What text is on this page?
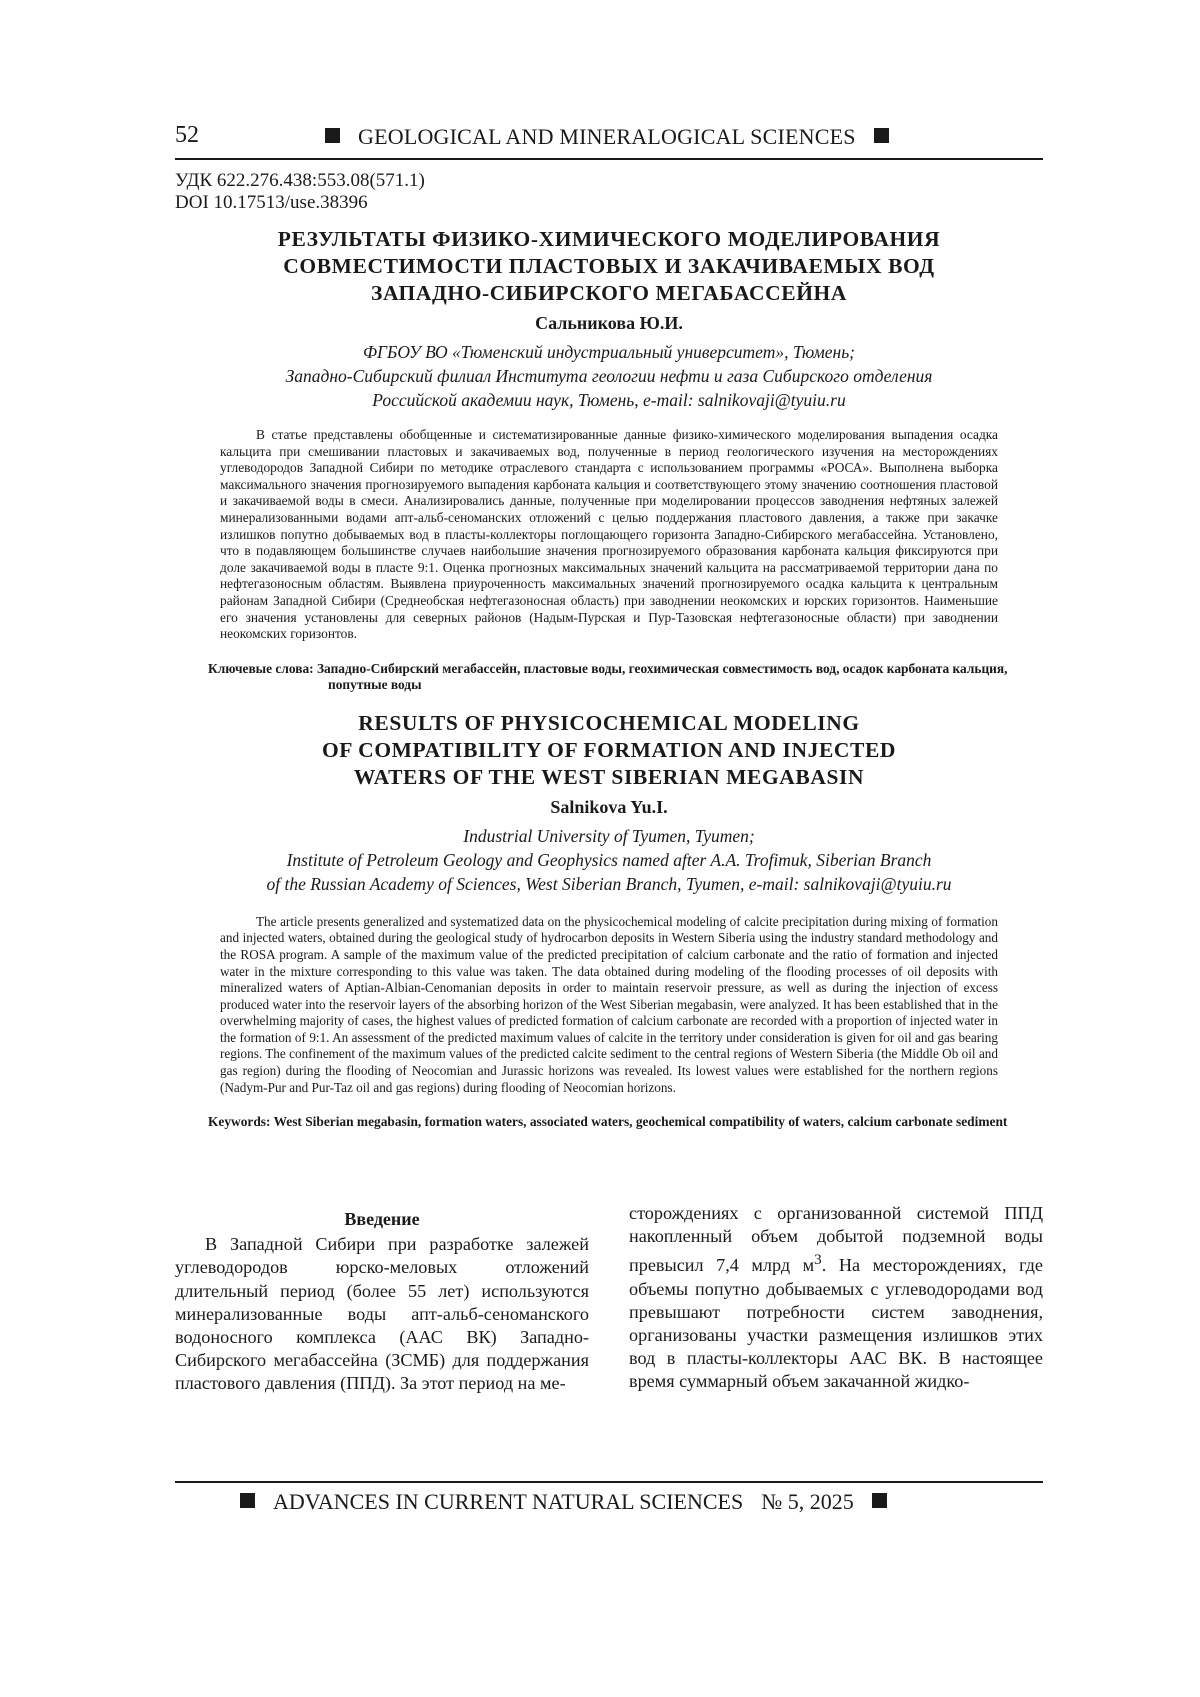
52	GEOLOGICAL AND MINERALOGICAL SCIENCES
УДК 622.276.438:553.08(571.1)
DOI 10.17513/use.38396
РЕЗУЛЬТАТЫ ФИЗИКО-ХИМИЧЕСКОГО МОДЕЛИРОВАНИЯ
СОВМЕСТИМОСТИ ПЛАСТОВЫХ И ЗАКАЧИВАЕМЫХ ВОД
ЗАПАДНО-СИБИРСКОГО МЕГАБАССЕЙНА
Сальникова Ю.И.
ФГБОУ ВО «Тюменский индустриальный университет», Тюмень;
Западно-Сибирский филиал Института геологии нефти и газа Сибирского отделения
Российской академии наук, Тюмень, e-mail: salnikovaji@tyuiu.ru
В статье представлены обобщенные и систематизированные данные физико-химического моделирования выпадения осадка кальцита при смешивании пластовых и закачиваемых вод, полученные в период геологического изучения на месторождениях углеводородов Западной Сибири по методике отраслевого стандарта с использованием программы «РОСА». Выполнена выборка максимального значения прогнозируемого выпадения карбоната кальция и соответствующего этому значению соотношения пластовой и закачиваемой воды в смеси. Анализировались данные, полученные при моделировании процессов заводнения нефтяных залежей минерализованными водами апт-альб-сеноманских отложений с целью поддержания пластового давления, а также при закачке излишков попутно добываемых вод в пласты-коллекторы поглощающего горизонта Западно-Сибирского мегабассейна. Установлено, что в подавляющем большинстве случаев наибольшие значения прогнозируемого образования карбоната кальция фиксируются при доле закачиваемой воды в пласте 9:1. Оценка прогнозных максимальных значений кальцита на рассматриваемой территории дана по нефтегазоносным областям. Выявлена приуроченность максимальных значений прогнозируемого осадка кальцита к центральным районам Западной Сибири (Среднеобская нефтегазоносная область) при заводнении неокомских и юрских горизонтов. Наименьшие его значения установлены для северных районов (Надым-Пурская и Пур-Тазовская нефтегазоносные области) при заводнении неокомских горизонтов.
Ключевые слова: Западно-Сибирский мегабассейн, пластовые воды, геохимическая совместимость вод, осадок карбоната кальция, попутные воды
RESULTS OF PHYSICOCHEMICAL MODELING
OF COMPATIBILITY OF FORMATION AND INJECTED
WATERS OF THE WEST SIBERIAN MEGABASIN
Salnikova Yu.I.
Industrial University of Tyumen, Tyumen;
Institute of Petroleum Geology and Geophysics named after A.A. Trofimuk, Siberian Branch
of the Russian Academy of Sciences, West Siberian Branch, Tyumen, e-mail: salnikovaji@tyuiu.ru
The article presents generalized and systematized data on the physicochemical modeling of calcite precipitation during mixing of formation and injected waters, obtained during the geological study of hydrocarbon deposits in Western Siberia using the industry standard methodology and the ROSA program. A sample of the maximum value of the predicted precipitation of calcium carbonate and the ratio of formation and injected water in the mixture corresponding to this value was taken. The data obtained during modeling of the flooding processes of oil deposits with mineralized waters of Aptian-Albian-Cenomanian deposits in order to maintain reservoir pressure, as well as during the injection of excess produced water into the reservoir layers of the absorbing horizon of the West Siberian megabasin, were analyzed. It has been established that in the overwhelming majority of cases, the highest values of predicted formation of calcium carbonate are recorded with a proportion of injected water in the formation of 9:1. An assessment of the predicted maximum values of calcite in the territory under consideration is given for oil and gas bearing regions. The confinement of the maximum values of the predicted calcite sediment to the central regions of Western Siberia (the Middle Ob oil and gas region) during the flooding of Neocomian and Jurassic horizons was revealed. Its lowest values were established for the northern regions (Nadym-Pur and Pur-Taz oil and gas regions) during flooding of Neocomian horizons.
Keywords: West Siberian megabasin, formation waters, associated waters, geochemical compatibility of waters, calcium carbonate sediment
Введение
В Западной Сибири при разработке залежей углеводородов юрско-меловых отложений длительный период (более 55 лет) используются минерализованные воды апт-альб-сеноманского водоносного комплекса (ААС ВК) Западно-Сибирского мегабассейна (ЗСМБ) для поддержания пластового давления (ППД). За этот период на ме-
сторождениях с организованной системой ППД накопленный объем добытой подземной воды превысил 7,4 млрд м3. На месторождениях, где объемы попутно добываемых с углеводородами вод превышают потребности систем заводнения, организованы участки размещения излишков этих вод в пласты-коллекторы ААС ВК. В настоящее время суммарный объем закачанной жидко-
ADVANCES IN CURRENT NATURAL SCIENCES № 5, 2025
